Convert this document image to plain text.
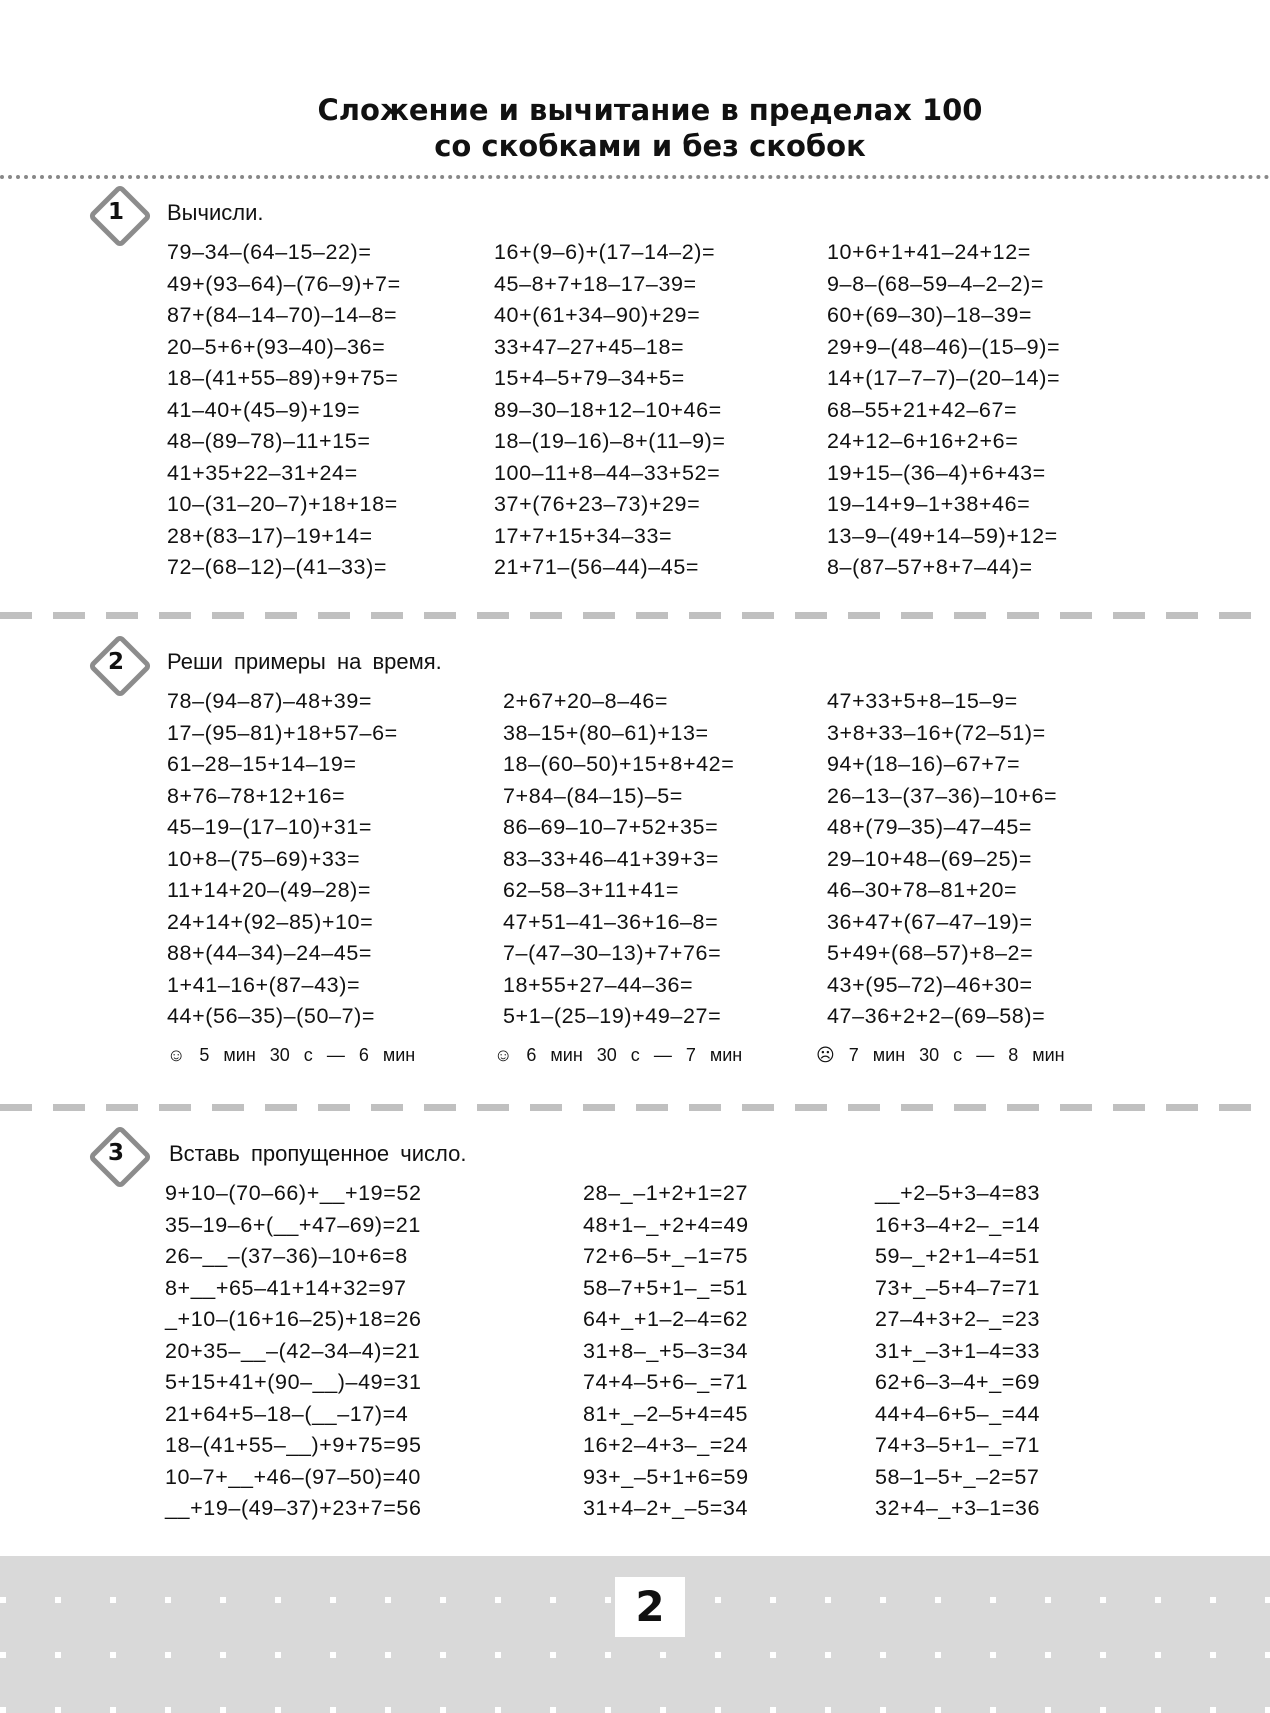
Сложение и вычитание в пределах 100
со скобками и без скобок
1	Вычисли.
79–34–(64–15–22)=
49+(93–64)–(76–9)+7=
87+(84–14–70)–14–8=
20–5+6+(93–40)–36=
18–(41+55–89)+9+75=
41–40+(45–9)+19=
48–(89–78)–11+15=
41+35+22–31+24=
10–(31–20–7)+18+18=
28+(83–17)–19+14=
72–(68–12)–(41–33)=
16+(9–6)+(17–14–2)=
45–8+7+18–17–39=
40+(61+34–90)+29=
33+47–27+45–18=
15+4–5+79–34+5=
89–30–18+12–10+46=
18–(19–16)–8+(11–9)=
100–11+8–44–33+52=
37+(76+23–73)+29=
17+7+15+34–33=
21+71–(56–44)–45=
10+6+1+41–24+12=
9–8–(68–59–4–2–2)=
60+(69–30)–18–39=
29+9–(48–46)–(15–9)=
14+(17–7–7)–(20–14)=
68–55+21+42–67=
24+12–6+16+2+6=
19+15–(36–4)+6+43=
19–14+9–1+38+46=
13–9–(49+14–59)+12=
8–(87–57+8+7–44)=
2	Реши примеры на время.
78–(94–87)–48+39=
17–(95–81)+18+57–6=
61–28–15+14–19=
8+76–78+12+16=
45–19–(17–10)+31=
10+8–(75–69)+33=
11+14+20–(49–28)=
24+14+(92–85)+10=
88+(44–34)–24–45=
1+41–16+(87–43)=
44+(56–35)–(50–7)=
2+67+20–8–46=
38–15+(80–61)+13=
18–(60–50)+15+8+42=
7+84–(84–15)–5=
86–69–10–7+52+35=
83–33+46–41+39+3=
62–58–3+11+41=
47+51–41–36+16–8=
7–(47–30–13)+7+76=
18+55+27–44–36=
5+1–(25–19)+49–27=
47+33+5+8–15–9=
3+8+33–16+(72–51)=
94+(18–16)–67+7=
26–13–(37–36)–10+6=
48+(79–35)–47–45=
29–10+48–(69–25)=
46–30+78–81+20=
36+47+(67–47–19)=
5+49+(68–57)+8–2=
43+(95–72)–46+30=
47–36+2+2–(69–58)=
☺ 5 мин 30 с — 6 мин	☺ 6 мин 30 с — 7 мин	☹ 7 мин 30 с — 8 мин
3	Вставь пропущенное число.
9+10–(70–66)+__+19=52
35–19–6+(__+47–69)=21
26–__–(37–36)–10+6=8
8+__+65–41+14+32=97
_+10–(16+16–25)+18=26
20+35–__–(42–34–4)=21
5+15+41+(90–__)–49=31
21+64+5–18–(__–17)=4
18–(41+55–__)+9+75=95
10–7+__+46–(97–50)=40
__+19–(49–37)+23+7=56
28–_–1+2+1=27
48+1–_+2+4=49
72+6–5+_–1=75
58–7+5+1–_=51
64+_+1–2–4=62
31+8–_+5–3=34
74+4–5+6–_=71
81+_–2–5+4=45
16+2–4+3–_=24
93+_–5+1+6=59
31+4–2+_–5=34
__+2–5+3–4=83
16+3–4+2–_=14
59–_+2+1–4=51
73+_–5+4–7=71
27–4+3+2–_=23
31+_–3+1–4=33
62+6–3–4+_=69
44+4–6+5–_=44
74+3–5+1–_=71
58–1–5+_–2=57
32+4–_+3–1=36
2
